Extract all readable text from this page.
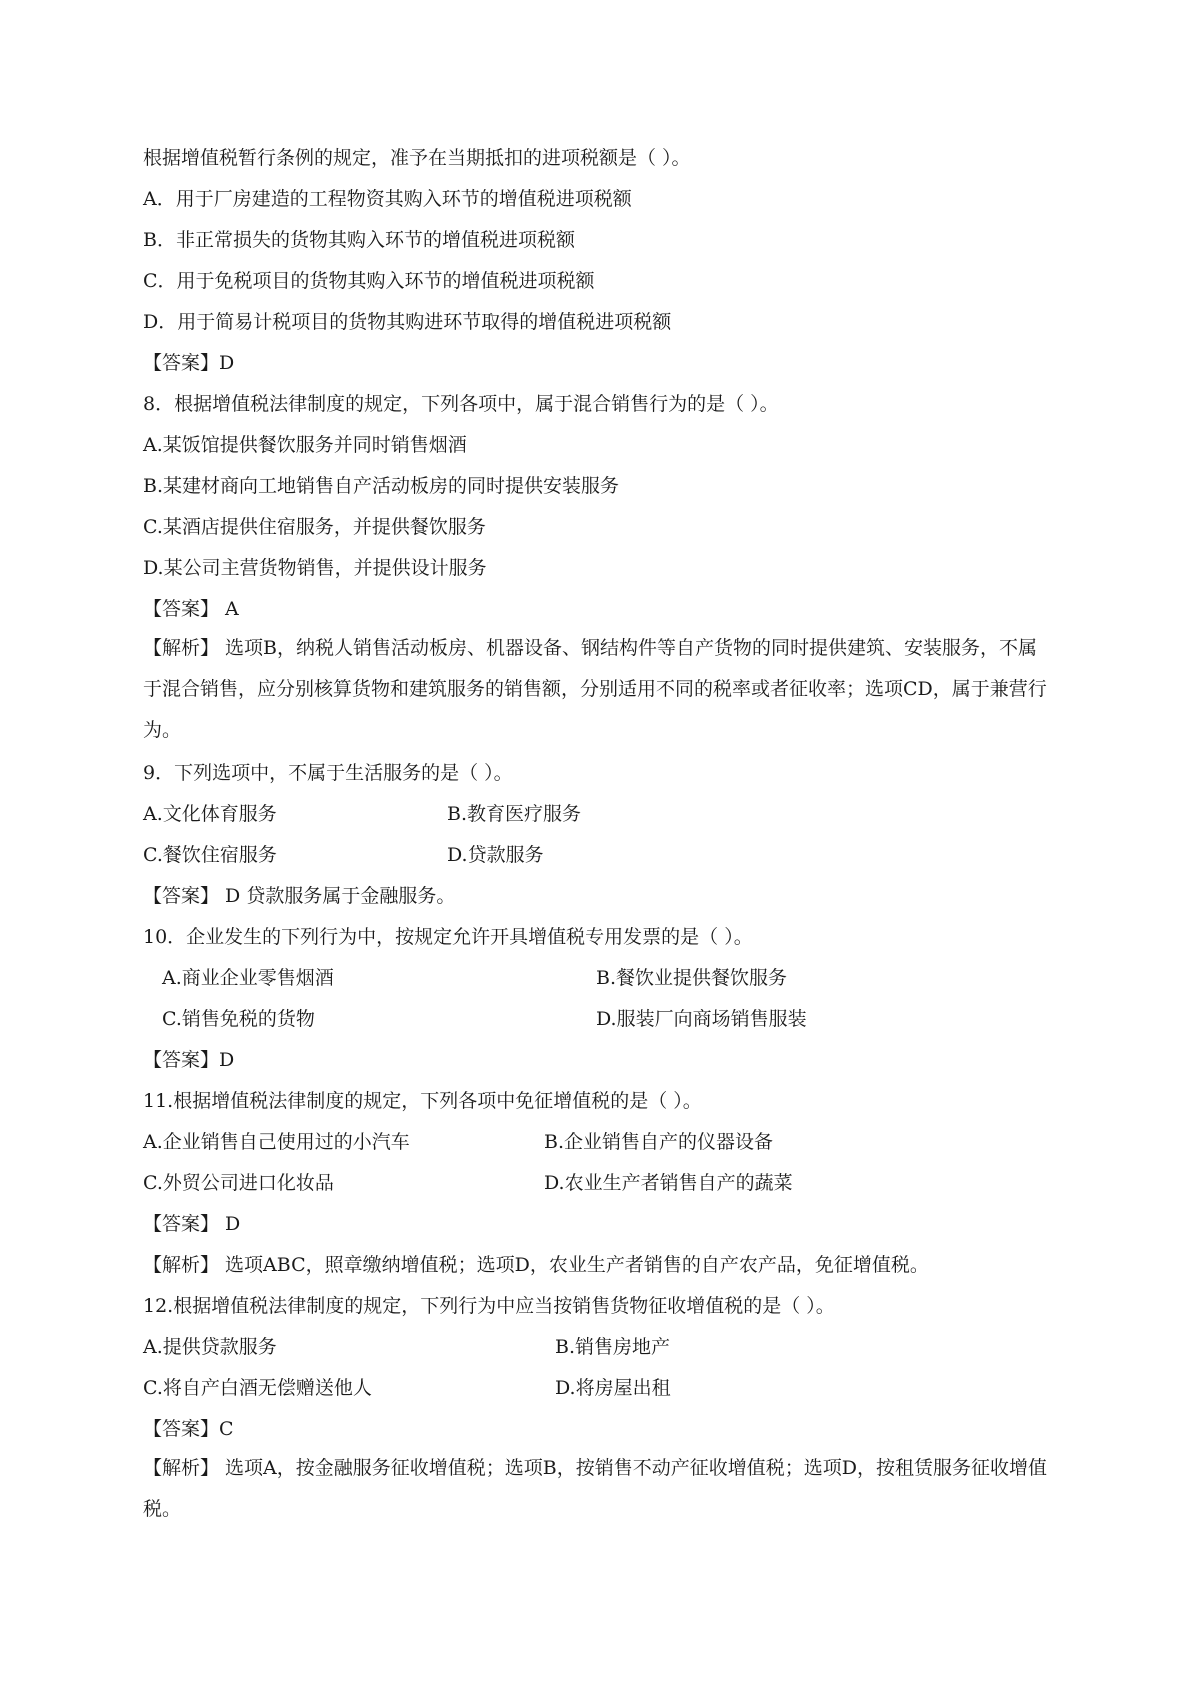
根据增值税暂行条例的规定，准予在当期抵扣的进项税额是（ ）。
A．用于厂房建造的工程物资其购入环节的增值税进项税额
B．非正常损失的货物其购入环节的增值税进项税额
C．用于免税项目的货物其购入环节的增值税进项税额
D．用于简易计税项目的货物其购进环节取得的增值税进项税额
【答案】D
8．根据增值税法律制度的规定，下列各项中，属于混合销售行为的是（ ）。
A.某饭馆提供餐饮服务并同时销售烟酒
B.某建材商向工地销售自产活动板房的同时提供安装服务
C.某酒店提供住宿服务，并提供餐饮服务
D.某公司主营货物销售，并提供设计服务
【答案】 A
【解析】 选项B，纳税人销售活动板房、机器设备、钢结构件等自产货物的同时提供建筑、安装服务，不属于混合销售，应分别核算货物和建筑服务的销售额，分别适用不同的税率或者征收率；选项CD，属于兼营行为。
9．下列选项中，不属于生活服务的是（ ）。
A.文化体育服务	B.教育医疗服务
C.餐饮住宿服务	D.贷款服务
【答案】 D 贷款服务属于金融服务。
10．企业发生的下列行为中，按规定允许开具增值税专用发票的是（ ）。
A.商业企业零售烟酒	B.餐饮业提供餐饮服务
C.销售免税的货物	D.服装厂向商场销售服装
【答案】D
11.根据增值税法律制度的规定，下列各项中免征增值税的是（ ）。
A.企业销售自己使用过的小汽车	B.企业销售自产的仪器设备
C.外贸公司进口化妆品	D.农业生产者销售自产的蔬菜
【答案】 D
【解析】 选项ABC，照章缴纳增值税；选项D，农业生产者销售的自产农产品，免征增值税。
12.根据增值税法律制度的规定，下列行为中应当按销售货物征收增值税的是（ ）。
A.提供贷款服务	B.销售房地产
C.将自产白酒无偿赠送他人	D.将房屋出租
【答案】C
【解析】 选项A，按金融服务征收增值税；选项B，按销售不动产征收增值税；选项D，按租赁服务征收增值税。
